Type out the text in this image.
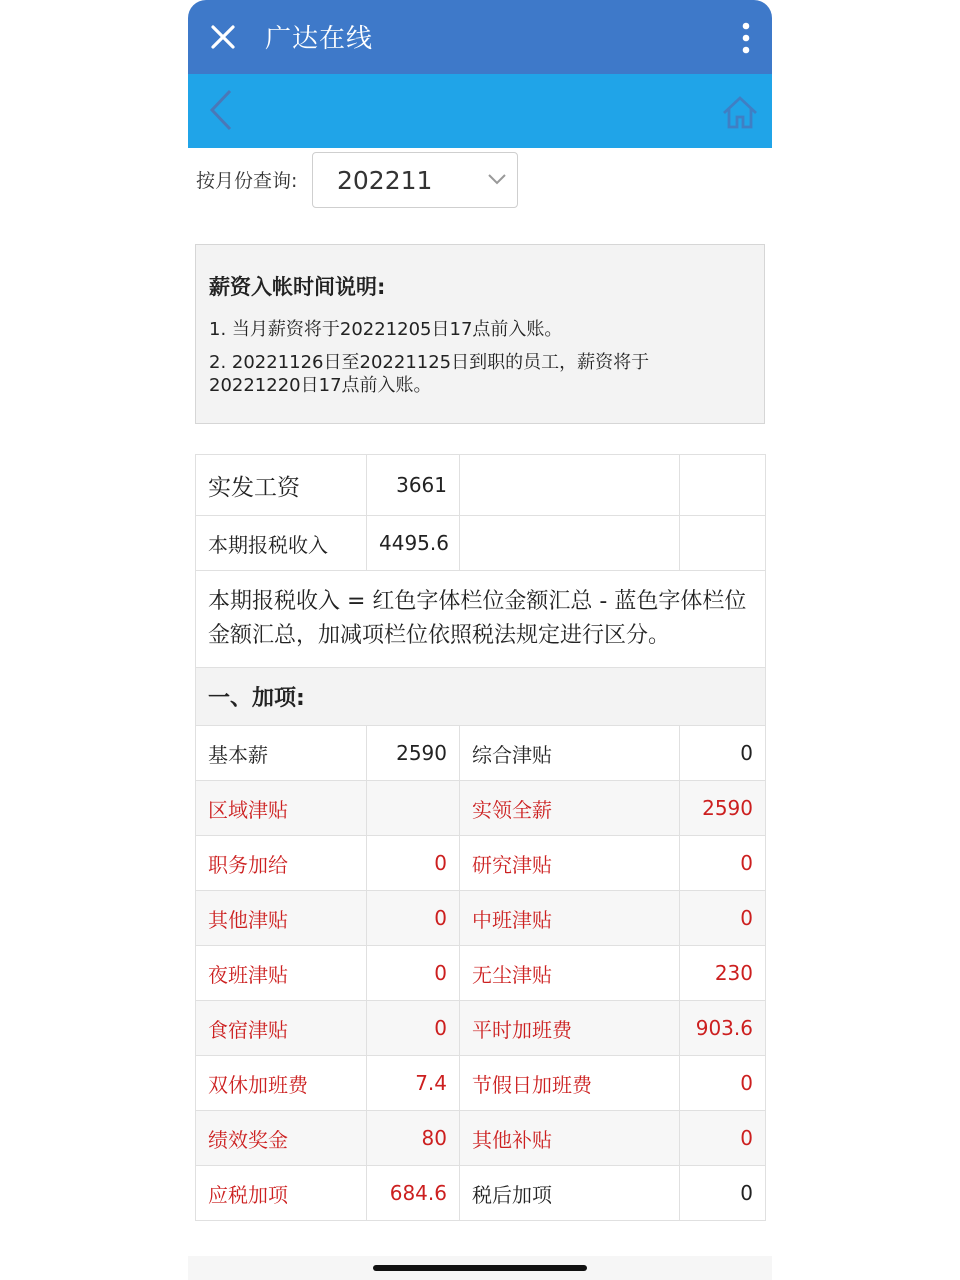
广达在线
按月份查询: 202211
薪资入帐时间说明:
1. 当月薪资将于20221205日17点前入账。
2. 20221126日至20221125日到职的员工，薪资将于20221220日17点前入账。
实发工资	3661		
本期报税收入	4495.6		
本期报税收入 = 红色字体栏位金额汇总 - 蓝色字体栏位金额汇总，加减项栏位依照税法规定进行区分。			
一、加项:			
基本薪	2590	综合津贴	0
区域津贴		实领全薪	2590
职务加给	0	研究津贴	0
其他津贴	0	中班津贴	0
夜班津贴	0	无尘津贴	230
食宿津贴	0	平时加班费	903.6
双休加班费	7.4	节假日加班费	0
绩效奖金	80	其他补贴	0
应税加项	684.6	税后加项	0
